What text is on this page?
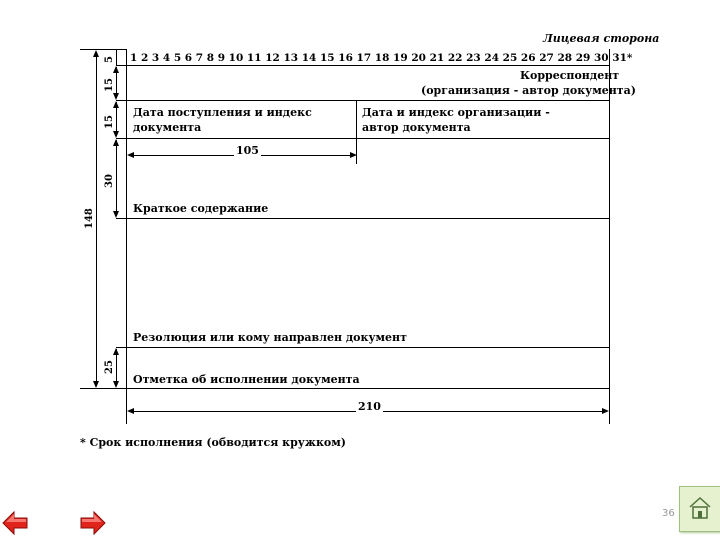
Лицевая сторона
1 2 3 4 5 6 7 8 9 10 11 12 13 14 15 16 17 18 19 20 21 22 23 24 25 26 27 28 29 30 31*
Корреспондент
(организация - автор документа)
Дата поступления и индекс
документа
Дата и индекс организации -
автор документа
Краткое содержание
Резолюция или кому направлен документ
Отметка об исполнении документа
105
210
148
5
15
15
30
25
* Срок исполнения (обводится кружком)
36
